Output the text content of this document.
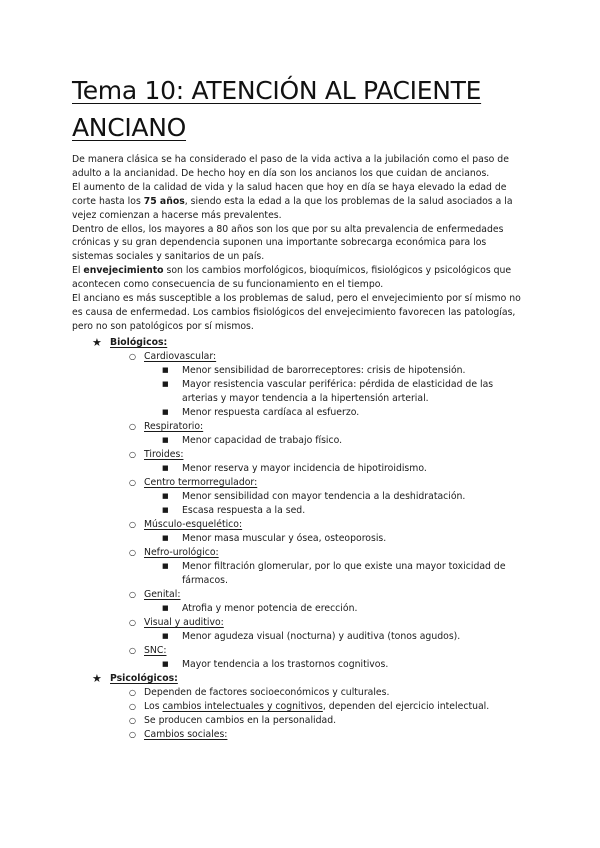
Tema 10: ATENCIÓN AL PACIENTE ANCIANO

De manera clásica se ha considerado el paso de la vida activa a la jubilación como el paso de adulto a la ancianidad. De hecho hoy en día son los ancianos los que cuidan de ancianos.

El aumento de la calidad de vida y la salud hacen que hoy en día se haya elevado la edad de corte hasta los 75 años, siendo esta la edad a la que los problemas de la salud asociados a la vejez comienzan a hacerse más prevalentes.

Dentro de ellos, los mayores a 80 años son los que por su alta prevalencia de enfermedades crónicas y su gran dependencia suponen una importante sobrecarga económica para los sistemas sociales y sanitarios de un país.

El envejecimiento son los cambios morfológicos, bioquímicos, fisiológicos y psicológicos que acontecen como consecuencia de su funcionamiento en el tiempo.

El anciano es más susceptible a los problemas de salud, pero el envejecimiento por sí mismo no es causa de enfermedad. Los cambios fisiológicos del envejecimiento favorecen las patologías, pero no son patológicos por sí mismos.

★ Biológicos:
○ Cardiovascular:
■ Menor sensibilidad de barorreceptores: crisis de hipotensión.
■ Mayor resistencia vascular periférica: pérdida de elasticidad de las arterias y mayor tendencia a la hipertensión arterial.
■ Menor respuesta cardíaca al esfuerzo.
○ Respiratorio:
■ Menor capacidad de trabajo físico.
○ Tiroides:
■ Menor reserva y mayor incidencia de hipotiroidismo.
○ Centro termorregulador:
■ Menor sensibilidad con mayor tendencia a la deshidratación.
■ Escasa respuesta a la sed.
○ Músculo-esquelético:
■ Menor masa muscular y ósea, osteoporosis.
○ Nefro-urológico:
■ Menor filtración glomerular, por lo que existe una mayor toxicidad de fármacos.
○ Genital:
■ Atrofia y menor potencia de erección.
○ Visual y auditivo:
■ Menor agudeza visual (nocturna) y auditiva (tonos agudos).
○ SNC:
■ Mayor tendencia a los trastornos cognitivos.
★ Psicológicos:
○ Dependen de factores socioeconómicos y culturales.
○ Los cambios intelectuales y cognitivos, dependen del ejercicio intelectual.
○ Se producen cambios en la personalidad.
○ Cambios sociales:
